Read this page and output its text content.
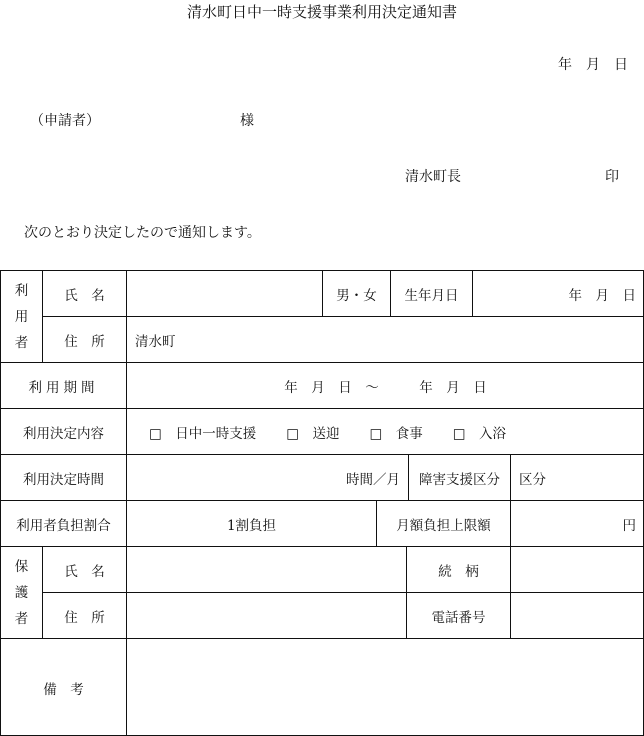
清水町日中一時支援事業利用決定通知書
年　月　日
（申請者）	様
清水町長	印
次のとおり決定したので通知します。
利
用
者
氏　名	男・女	生年月日	年　月　日
住　所	清水町
利用期間	年　月　日　～　　　年　月　日
利用決定内容	□　日中一時支援 □　送迎 □　食事 □　入浴
利用決定時間	時間／月	障害支援区分	区分
利用者負担割合	1割負担	月額負担上限額	円
保
護
者
氏　名	続　柄
住　所	電話番号
備　考
